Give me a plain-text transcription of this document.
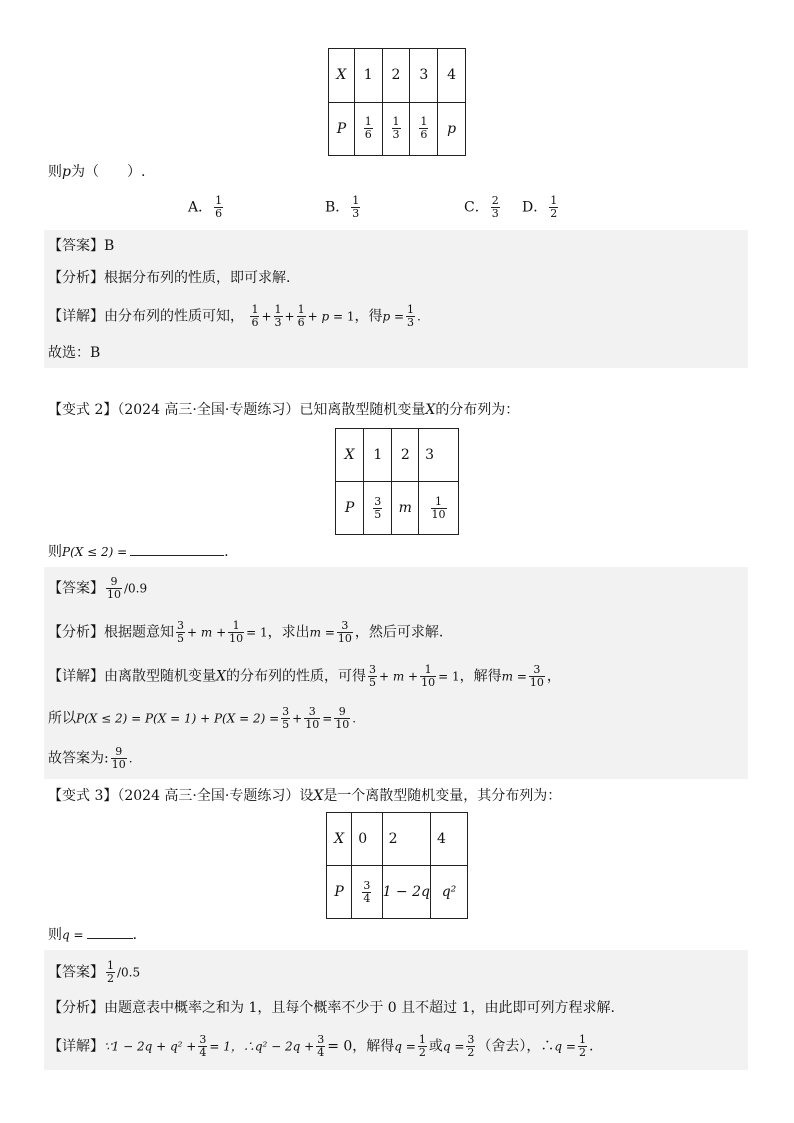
X	1	2	3	4
P	$\frac{1}{6}$	$\frac{1}{3}$	$\frac{1}{6}$	p
则p为（　　）.
A． $\frac{1}{6}$	B． $\frac{1}{3}$	C． $\frac{2}{3}$ D． $\frac{1}{2}$
【答案】B
【分析】根据分布列的性质，即可求解.
【详解】由分布列的性质可知， $\frac{1}{6} + \frac{1}{3} + \frac{1}{6} + p = 1$，得$p = \frac{1}{3}$ .
故选：B
【变式 2】（2024 高三·全国·专题练习）已知离散型随机变量X的分布列为：
X	1	2	3
P	$\frac{3}{5}$	m	$\frac{1}{10}$
则P(X ≤ 2) =	.
【答案】 $\frac{9}{10} /0.9$
【分析】根据题意知 $\frac{3}{5} + m + \frac{1}{10} = 1$，求出$m = \frac{3}{10}$ ，然后可求解.
【详解】由离散型随机变量X的分布列的性质，可得 $\frac{3}{5} + m + \frac{1}{10} = 1$，解得$m = \frac{3}{10}$ ，
所以$P(X \le 2) = P(X = 1) + P(X = 2) = \frac{3}{5} + \frac{3}{10} = \frac{9}{10}$ .
故答案为: $\frac{9}{10}$ .
【变式 3】（2024 高三·全国·专题练习）设X是一个离散型随机变量，其分布列为：
X	0	2	4
P	$\frac{3}{4}$	1 − 2q	q²
则q =	.
【答案】 $\frac{1}{2} /0.5$
【分析】由题意表中概率之和为 1，且每个概率不少于 0 且不超过 1，由此即可列方程求解.
【详解】∵1 − $2q + q^2 + \frac{3}{4} = 1$，∴q² − $2q + \frac{3}{4} = 0$，解得$q = \frac{1}{2}$ 或$q = \frac{3}{2}$ （舍去），∴q = $\frac{1}{2}$ .
